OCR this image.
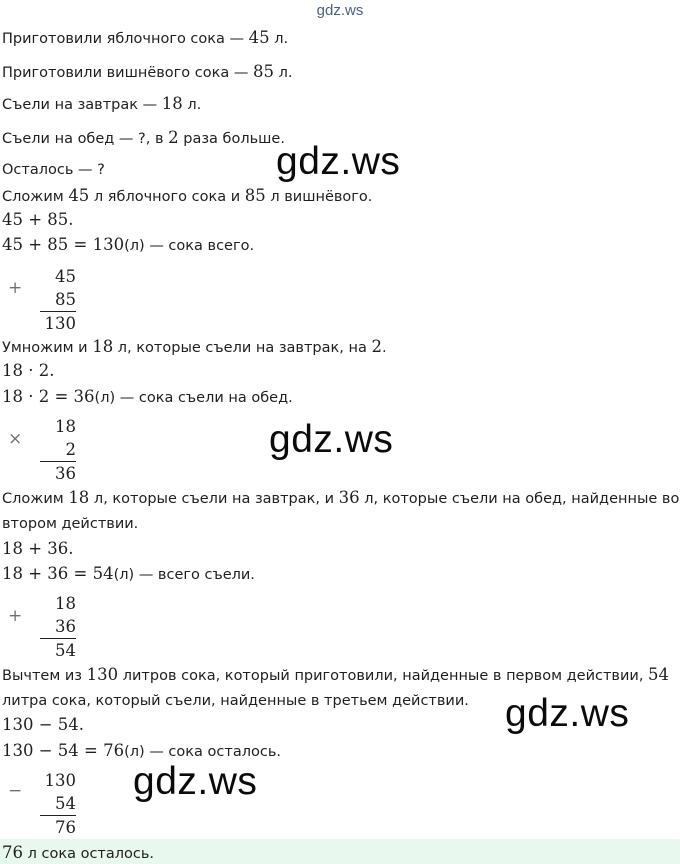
gdz.ws
Приготовили яблочного сока — 45 л.
Приготовили вишнёвого сока — 85 л.
Съели на завтрак — 18 л.
Съели на обед — ?, в 2 раза больше.
Осталось — ?	gdz.ws
Сложим 45 л яблочного сока и 85 л вишнёвого.
45 + 85.
45 + 85 = 130(л) — сока всего.
+
45
85
130
Умножим и 18 л, которые съели на завтрак, на 2.
18 · 2.
18 · 2 = 36(л) — сока съели на обед.
gdz.ws
×
18
2
36
Сложим 18 л, которые съели на завтрак, и 36 л, которые съели на обед, найденные во
втором действии.
18 + 36.
18 + 36 = 54(л) — всего съели.
+
18
36
54
Вычтем из 130 литров сока, который приготовили, найденные в первом действии, 54
литра сока, который съели, найденные в третьем действии. gdz.ws
130 − 54.
130 − 54 = 76(л) — сока осталось.
gdz.ws
−
130
54
76
76 л сока осталось.
